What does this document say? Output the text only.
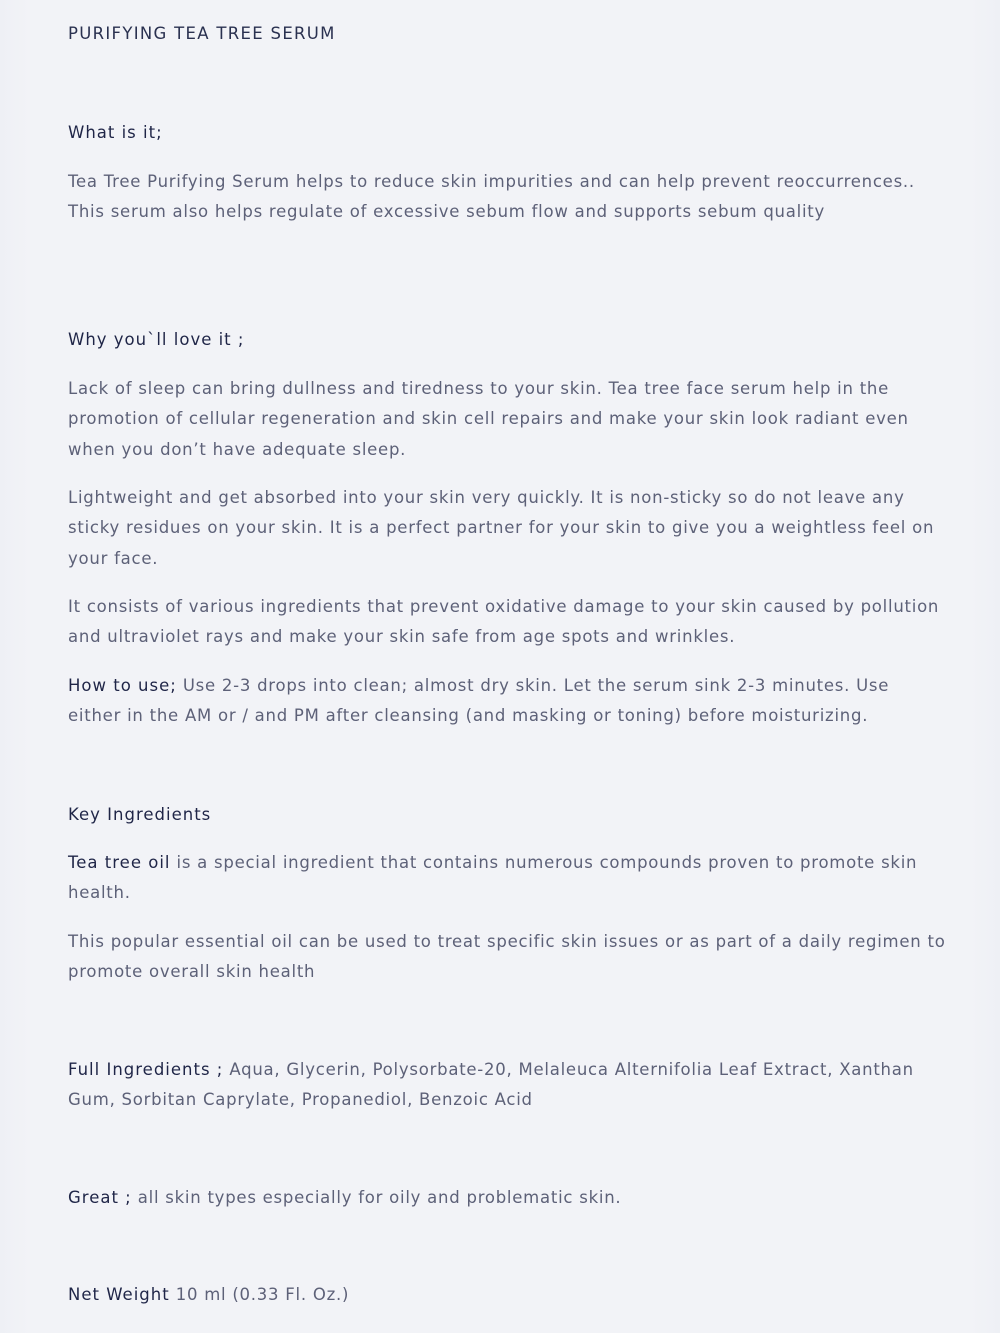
PURIFYING TEA TREE SERUM
What is it;

Tea Tree Purifying Serum helps to reduce skin impurities and can help prevent reoccurrences.. This serum also helps regulate of excessive sebum flow and supports sebum quality

Why you`ll love it ;

Lack of sleep can bring dullness and tiredness to your skin. Tea tree face serum help in the promotion of cellular regeneration and skin cell repairs and make your skin look radiant even when you don’t have adequate sleep.

Lightweight and get absorbed into your skin very quickly. It is non-sticky so do not leave any sticky residues on your skin. It is a perfect partner for your skin to give you a weightless feel on your face.

It consists of various ingredients that prevent oxidative damage to your skin caused by pollution and ultraviolet rays and make your skin safe from age spots and wrinkles.

How to use; Use 2-3 drops into clean; almost dry skin. Let the serum sink 2-3 minutes. Use either in the AM or / and PM after cleansing (and masking or toning) before moisturizing.

Key Ingredients

Tea tree oil is a special ingredient that contains numerous compounds proven to promote skin health.

This popular essential oil can be used to treat specific skin issues or as part of a daily regimen to promote overall skin health

Full Ingredients ; Aqua, Glycerin, Polysorbate-20, Melaleuca Alternifolia Leaf Extract, Xanthan Gum, Sorbitan Caprylate, Propanediol, Benzoic Acid

Great ; all skin types especially for oily and problematic skin.

Net Weight 10 ml (0.33 Fl. Oz.)
